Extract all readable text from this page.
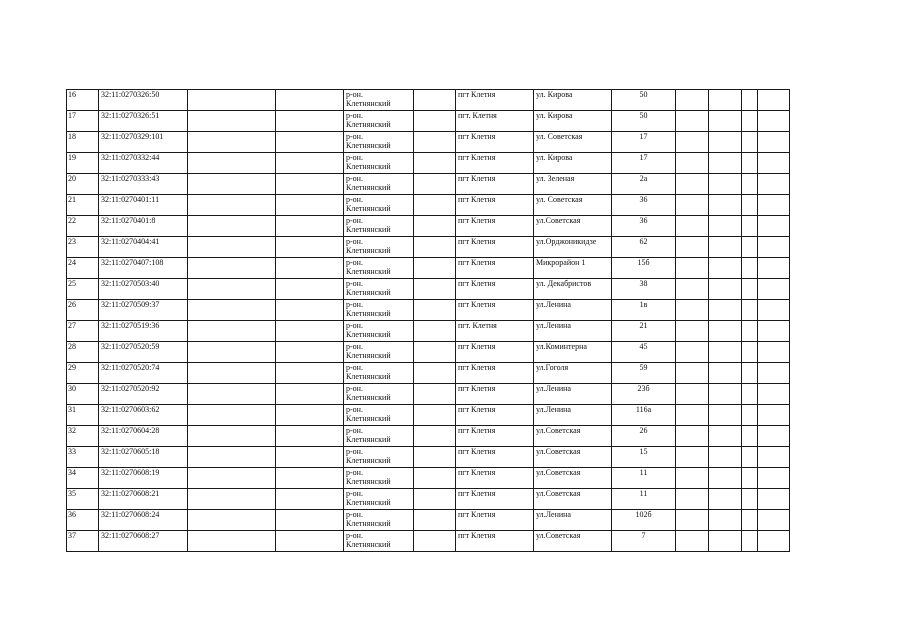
16	32:11:0270326:50			р-он.
Клетнянский		пгт Клетня	ул. Кирова	50				
17	32:11:0270326:51			р-он.
Клетнянский		пгт. Клетня	ул. Кирова	50				
18	32:11:0270329:101			р-он.
Клетнянский		пгт Клетня	ул. Советская	17				
19	32:11:0270332:44			р-он.
Клетнянский		пгт Клетня	ул. Кирова	17				
20	32:11:0270333:43			р-он.
Клетнянский		пгт Клетня	ул. Зеленая	2а				
21	32:11:0270401:11			р-он.
Клетнянский		пгт Клетня	ул. Советская	36				
22	32:11:0270401:8			р-он.
Клетнянский		пгт Клетня	ул.Советская	36				
23	32:11:0270404:41			р-он.
Клетнянский		пгт Клетня	ул.Орджоникидзе	62				
24	32:11:0270407:108			р-он.
Клетнянский		пгт Клетня	Микрорайон 1	15б				
25	32:11:0270503:40			р-он.
Клетнянский		пгт Клетня	ул. Декабристов	38				
26	32:11:0270509:37			р-он.
Клетнянский		пгт Клетня	ул.Ленина	1в				
27	32:11:0270519:36			р-он.
Клетнянский		пгт. Клетня	ул.Ленина	21				
28	32:11:0270520:59			р-он.
Клетнянский		пгт Клетня	ул.Коминтерна	45				
29	32:11:0270520:74			р-он.
Клетнянский		пгт Клетня	ул.Гоголя	59				
30	32:11:0270520:92			р-он.
Клетнянский		пгт Клетня	ул.Ленина	23б				
31	32:11:0270603:62			р-он.
Клетнянский		пгт Клетня	ул.Ленина	116а				
32	32:11:0270604:28			р-он.
Клетнянский		пгт Клетня	ул.Советская	26				
33	32:11:0270605:18			р-он.
Клетнянский		пгт Клетня	ул.Советская	15				
34	32:11:0270608:19			р-он.
Клетнянский		пгт Клетня	ул.Советская	11				
35	32:11:0270608:21			р-он.
Клетнянский		пгт Клетня	ул.Советская	11				
36	32:11:0270608:24			р-он.
Клетнянский		пгт Клетня	ул.Ленина	102б				
37	32:11:0270608:27			р-он.
Клетнянский		пгт Клетня	ул.Советская	7				
